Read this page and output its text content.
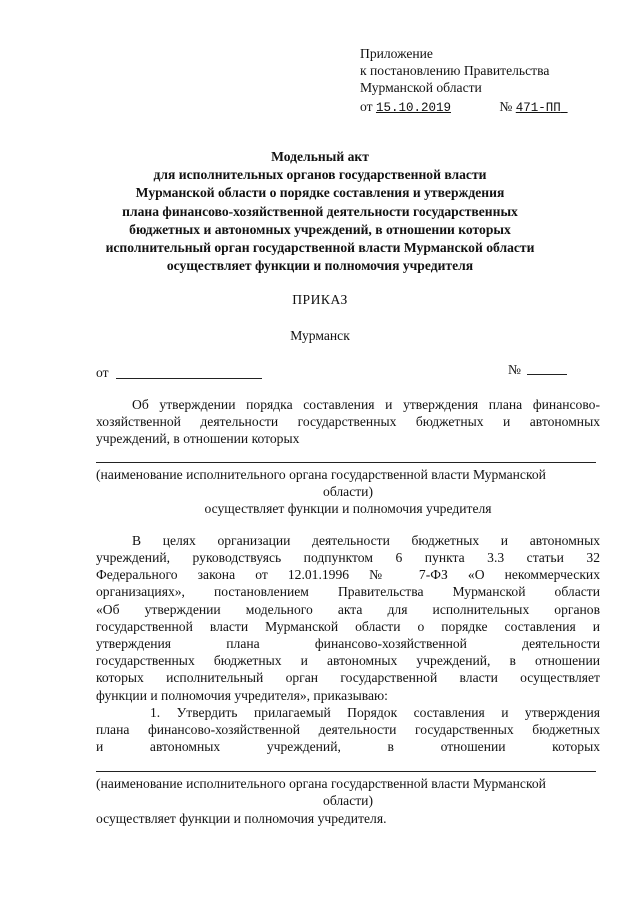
Приложение
к постановлению Правительства
Мурманской области
от 15.10.2019	№ 471-ПП
Модельный акт
для исполнительных органов государственной власти
Мурманской области о порядке составления и утверждения
плана финансово-хозяйственной деятельности государственных
бюджетных и автономных учреждений, в отношении которых
исполнительный орган государственной власти Мурманской области
осуществляет функции и полномочия учредителя
ПРИКАЗ
Мурманск
от	№
Об утверждении порядка составления и утверждения плана финансово-
хозяйственной деятельности государственных бюджетных и автономных
учреждений, в отношении которых
(наименование исполнительного органа государственной власти Мурманской
области)
осуществляет функции и полномочия учредителя
В целях организации деятельности бюджетных и автономных
учреждений, руководствуясь подпунктом 6 пункта 3.3 статьи 32
Федерального закона от 12.01.1996 № 7-ФЗ «О некоммерческих
организациях», постановлением Правительства Мурманской области
«Об утверждении модельного акта для исполнительных органов
государственной власти Мурманской области о порядке составления и
утверждения плана финансово-хозяйственной деятельности
государственных бюджетных и автономных учреждений, в отношении
которых исполнительный орган государственной власти осуществляет
функции и полномочия учредителя», приказываю:
1. Утвердить прилагаемый Порядок составления и утверждения
плана финансово-хозяйственной деятельности государственных бюджетных
и автономных учреждений, в отношении которых
(наименование исполнительного органа государственной власти Мурманской
области)
осуществляет функции и полномочия учредителя.
